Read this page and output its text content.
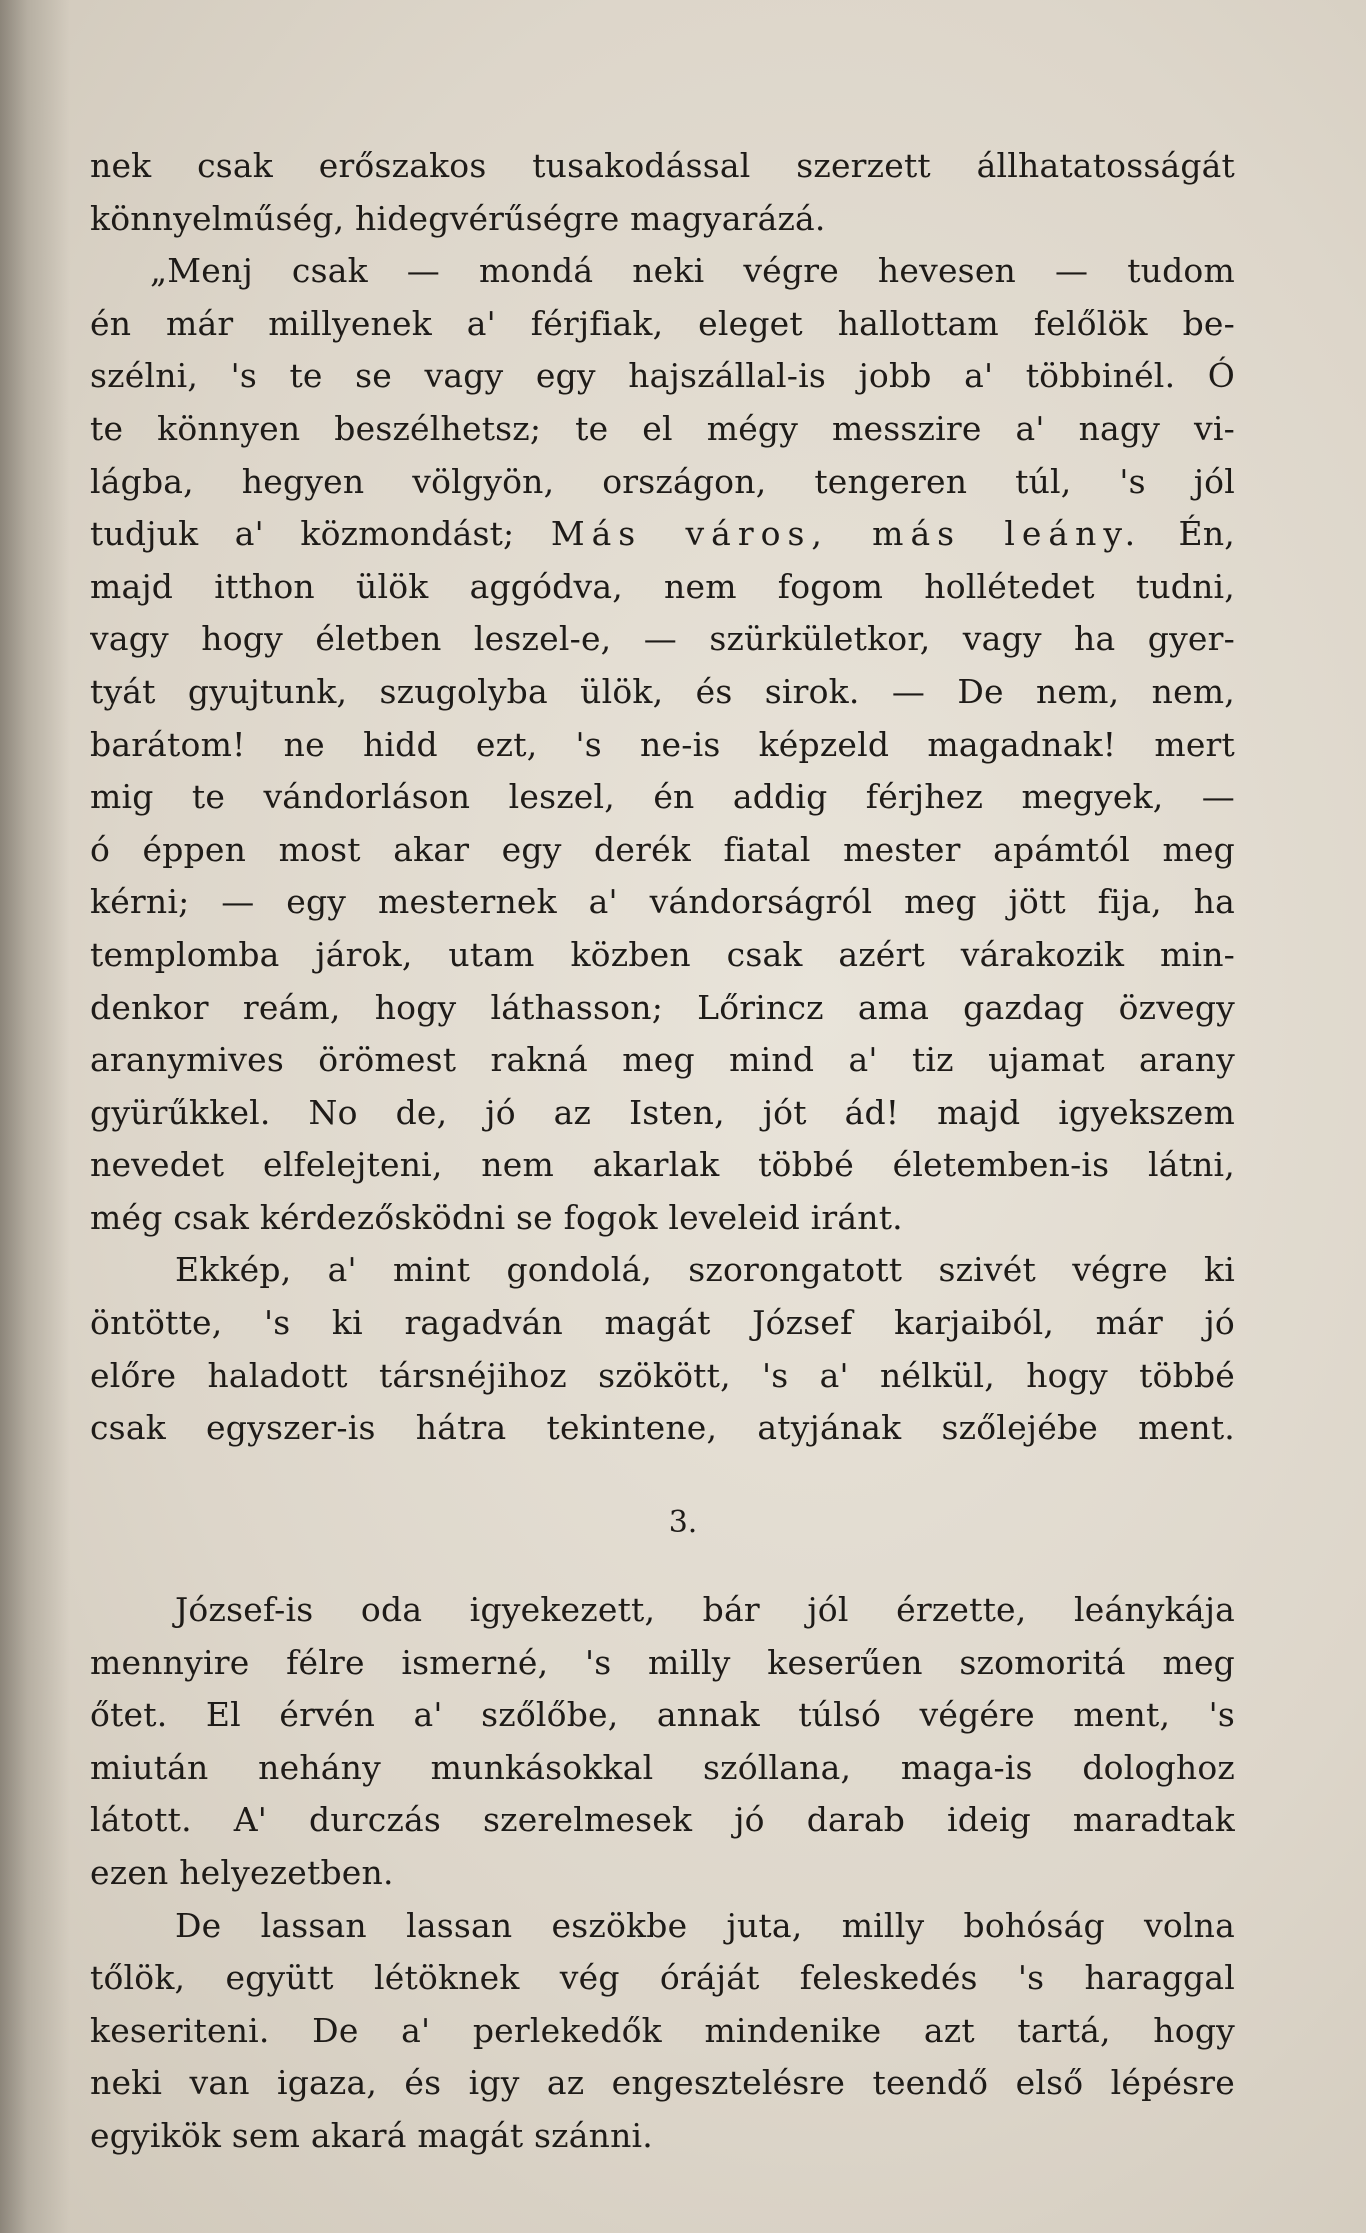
nek csak erőszakos tusakodással szerzett állhatatosságát
könnyelműség, hidegvérűségre magyarázá.
„Menj csak — mondá neki végre hevesen — tudom
én már millyenek a' férjfiak, eleget hallottam felőlök be-
szélni, 's te se vagy egy hajszállal-is jobb a' többinél. Ó
te könnyen beszélhetsz; te el mégy messzire a' nagy vi-
lágba, hegyen völgyön, országon, tengeren túl, 's jól
tudjuk a' közmondást; Más város, más leány. Én,
majd itthon ülök aggódva, nem fogom hollétedet tudni,
vagy hogy életben leszel-e, — szürkületkor, vagy ha gyer-
tyát gyujtunk, szugolyba ülök, és sirok. — De nem, nem,
barátom! ne hidd ezt, 's ne-is képzeld magadnak! mert
mig te vándorláson leszel, én addig férjhez megyek, —
ó éppen most akar egy derék fiatal mester apámtól meg
kérni; — egy mesternek a' vándorságról meg jött fija, ha
templomba járok, utam közben csak azért várakozik min-
denkor reám, hogy láthasson; Lőrincz ama gazdag özvegy
aranymives örömest rakná meg mind a' tiz ujamat arany
gyürűkkel. No de, jó az Isten, jót ád! majd igyekszem
nevedet elfelejteni, nem akarlak többé életemben-is látni,
még csak kérdezősködni se fogok leveleid iránt.
Ekkép, a' mint gondolá, szorongatott szivét végre ki
öntötte, 's ki ragadván magát József karjaiból, már jó
előre haladott társnéjihoz szökött, 's a' nélkül, hogy többé
csak egyszer-is hátra tekintene, atyjának szőlejébe ment.
3.
József-is oda igyekezett, bár jól érzette, leánykája
mennyire félre ismerné, 's milly keserűen szomoritá meg
őtet. El érvén a' szőlőbe, annak túlsó végére ment, 's
miután nehány munkásokkal szóllana, maga-is dologhoz
látott. A' durczás szerelmesek jó darab ideig maradtak
ezen helyezetben.
De lassan lassan eszökbe juta, milly bohóság volna
tőlök, együtt létöknek vég óráját feleskedés 's haraggal
keseriteni. De a' perlekedők mindenike azt tartá, hogy
neki van igaza, és igy az engesztelésre teendő első lépésre
egyikök sem akará magát szánni.
